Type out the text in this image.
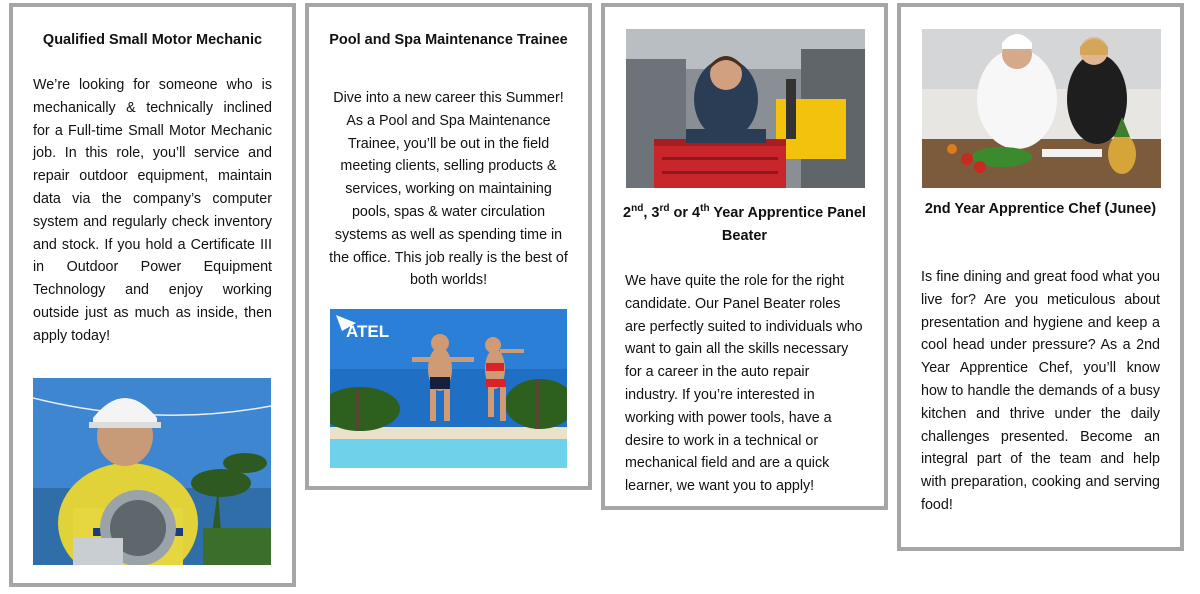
Qualified Small Motor Mechanic

We’re looking for someone who is mechanically & technically inclined for a Full-time Small Motor Mechanic job. In this role, you’ll service and repair outdoor equipment, maintain data via the company’s computer system and regularly check inventory and stock. If you hold a Certificate III in Outdoor Power Equipment Technology and enjoy working outside just as much as inside, then apply today!

Pool and Spa Maintenance Trainee

Dive into a new career this Summer! As a Pool and Spa Maintenance Trainee, you’ll be out in the field meeting clients, selling products & services, working on maintaining pools, spas & water circulation systems as well as spending time in the office. This job really is the best of both worlds!

ATEL
2nd, 3rd or 4th Year Apprentice Panel Beater

We have quite the role for the right candidate. Our Panel Beater roles are perfectly suited to individuals who want to gain all the skills necessary for a career in the auto repair industry. If you’re interested in working with power tools, have a desire to work in a technical or mechanical field and are a quick learner, we want you to apply!

2nd Year Apprentice Chef (Junee)

Is fine dining and great food what you live for? Are you meticulous about presentation and hygiene and keep a cool head under pressure? As a 2nd Year Apprentice Chef, you’ll know how to handle the demands of a busy kitchen and thrive under the daily challenges presented. Become an integral part of the team and help with preparation, cooking and serving food!
